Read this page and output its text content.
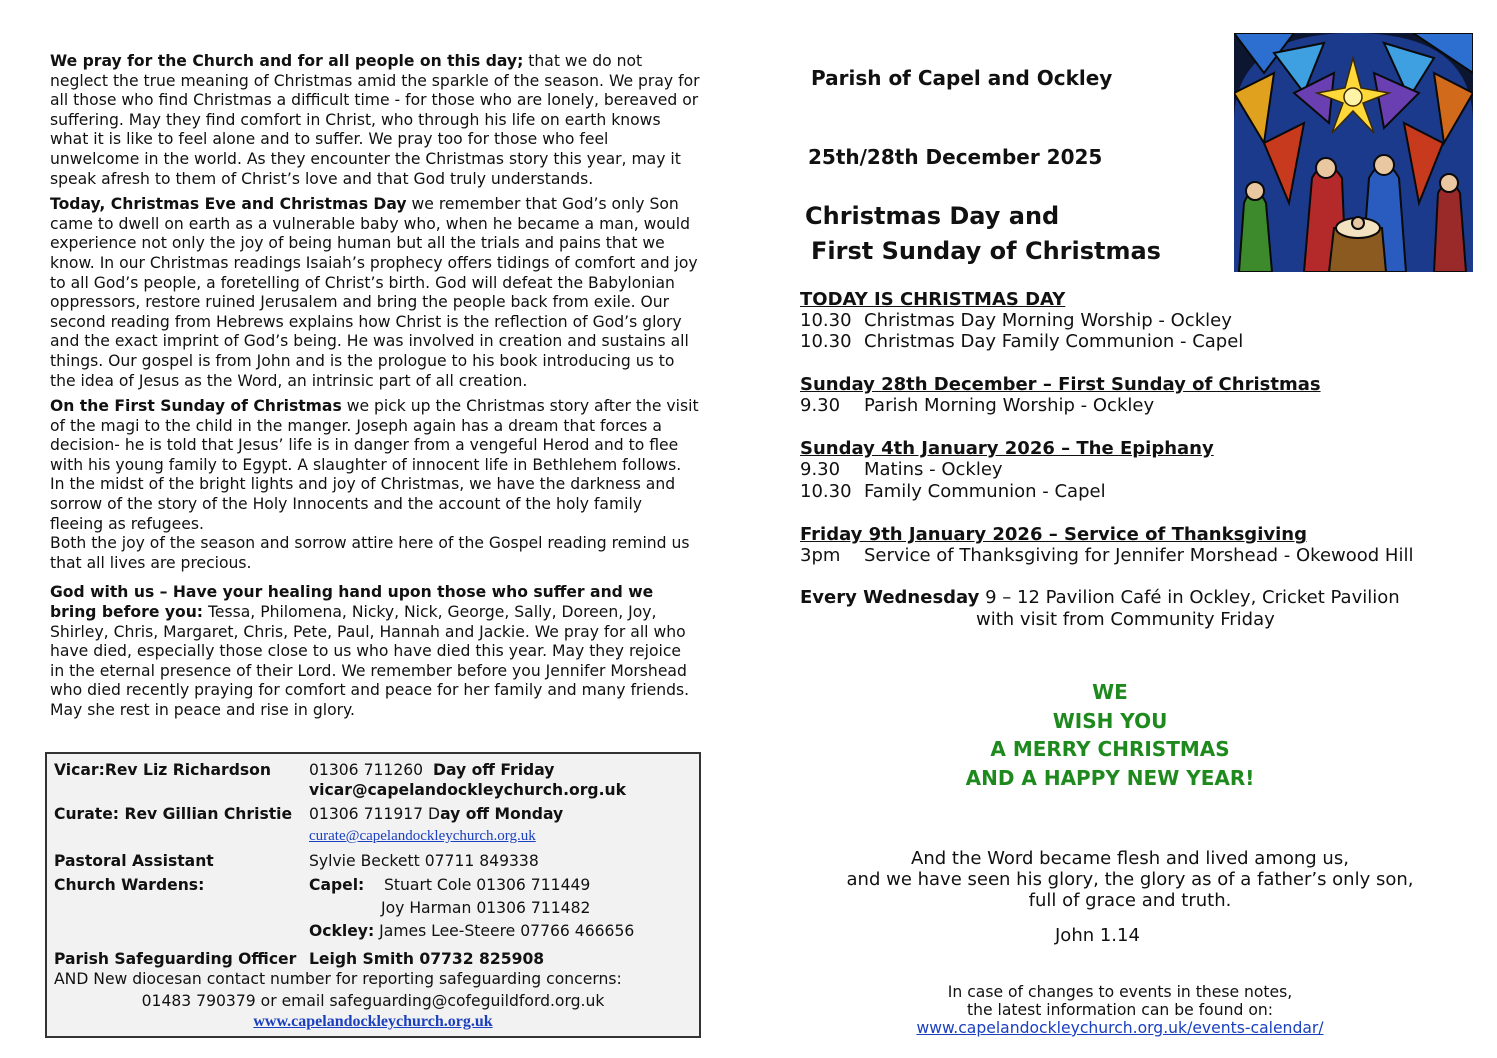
We pray for the Church and for all people on this day; that we do not neglect the true meaning of Christmas amid the sparkle of the season. We pray for all those who find Christmas a difficult time - for those who are lonely, bereaved or suffering. May they find comfort in Christ, who through his life on earth knows what it is like to feel alone and to suffer. We pray too for those who feel unwelcome in the world. As they encounter the Christmas story this year, may it speak afresh to them of Christ’s love and that God truly understands.

Today, Christmas Eve and Christmas Day we remember that God’s only Son came to dwell on earth as a vulnerable baby who, when he became a man, would experience not only the joy of being human but all the trials and pains that we know. In our Christmas readings Isaiah’s prophecy offers tidings of comfort and joy to all God’s people, a foretelling of Christ’s birth. God will defeat the Babylonian oppressors, restore ruined Jerusalem and bring the people back from exile. Our second reading from Hebrews explains how Christ is the reflection of God’s glory and the exact imprint of God’s being. He was involved in creation and sustains all things. Our gospel is from John and is the prologue to his book introducing us to the idea of Jesus as the Word, an intrinsic part of all creation.

On the First Sunday of Christmas we pick up the Christmas story after the visit of the magi to the child in the manger. Joseph again has a dream that forces a decision- he is told that Jesus’ life is in danger from a vengeful Herod and to flee with his young family to Egypt. A slaughter of innocent life in Bethlehem follows. In the midst of the bright lights and joy of Christmas, we have the darkness and sorrow of the story of the Holy Innocents and the account of the holy family fleeing as refugees.

Both the joy of the season and sorrow attire here of the Gospel reading remind us that all lives are precious.

God with us – Have your healing hand upon those who suffer and we bring before you: Tessa, Philomena, Nicky, Nick, George, Sally, Doreen, Joy, Shirley, Chris, Margaret, Chris, Pete, Paul, Hannah and Jackie. We pray for all who have died, especially those close to us who have died this year. May they rejoice in the eternal presence of their Lord. We remember before you Jennifer Morshead who died recently praying for comfort and peace for her family and many friends. May she rest in peace and rise in glory.

Vicar:Rev Liz Richardson 01306 711260 Day off Friday
vicar@capelandockleychurch.org.uk
Curate: Rev Gillian Christie 01306 711917 Day off Monday
curate@capelandockleychurch.org.uk
Pastoral Assistant	Sylvie Beckett 07711 849338
Church Wardens:	Capel: Stuart Cole 01306 711449
Joy Harman 01306 711482
Ockley: James Lee-Steere 07766 466656
Parish Safeguarding Officer Leigh Smith 07732 825908
AND New diocesan contact number for reporting safeguarding concerns:
01483 790379 or email safeguarding@cofeguildford.org.uk
www.capelandockleychurch.org.uk
Parish of Capel and Ockley
25th/28th December 2025
Christmas Day and
First Sunday of Christmas
TODAY IS CHRISTMAS DAY
10.30 Christmas Day Morning Worship - Ockley
10.30 Christmas Day Family Communion - Capel
Sunday 28th December – First Sunday of Christmas
9.30 Parish Morning Worship - Ockley
Sunday 4th January 2026 – The Epiphany
9.30 Matins - Ockley
10.30 Family Communion - Capel
Friday 9th January 2026 – Service of Thanksgiving
3pm Service of Thanksgiving for Jennifer Morshead - Okewood Hill
Every Wednesday 9 – 12 Pavilion Café in Ockley, Cricket Pavilion
with visit from Community Friday
WE
WISH YOU
A MERRY CHRISTMAS
AND A HAPPY NEW YEAR!
And the Word became flesh and lived among us,
and we have seen his glory, the glory as of a father’s only son,
full of grace and truth.
John 1.14
In case of changes to events in these notes,
the latest information can be found on:
www.capelandockleychurch.org.uk/events-calendar/
